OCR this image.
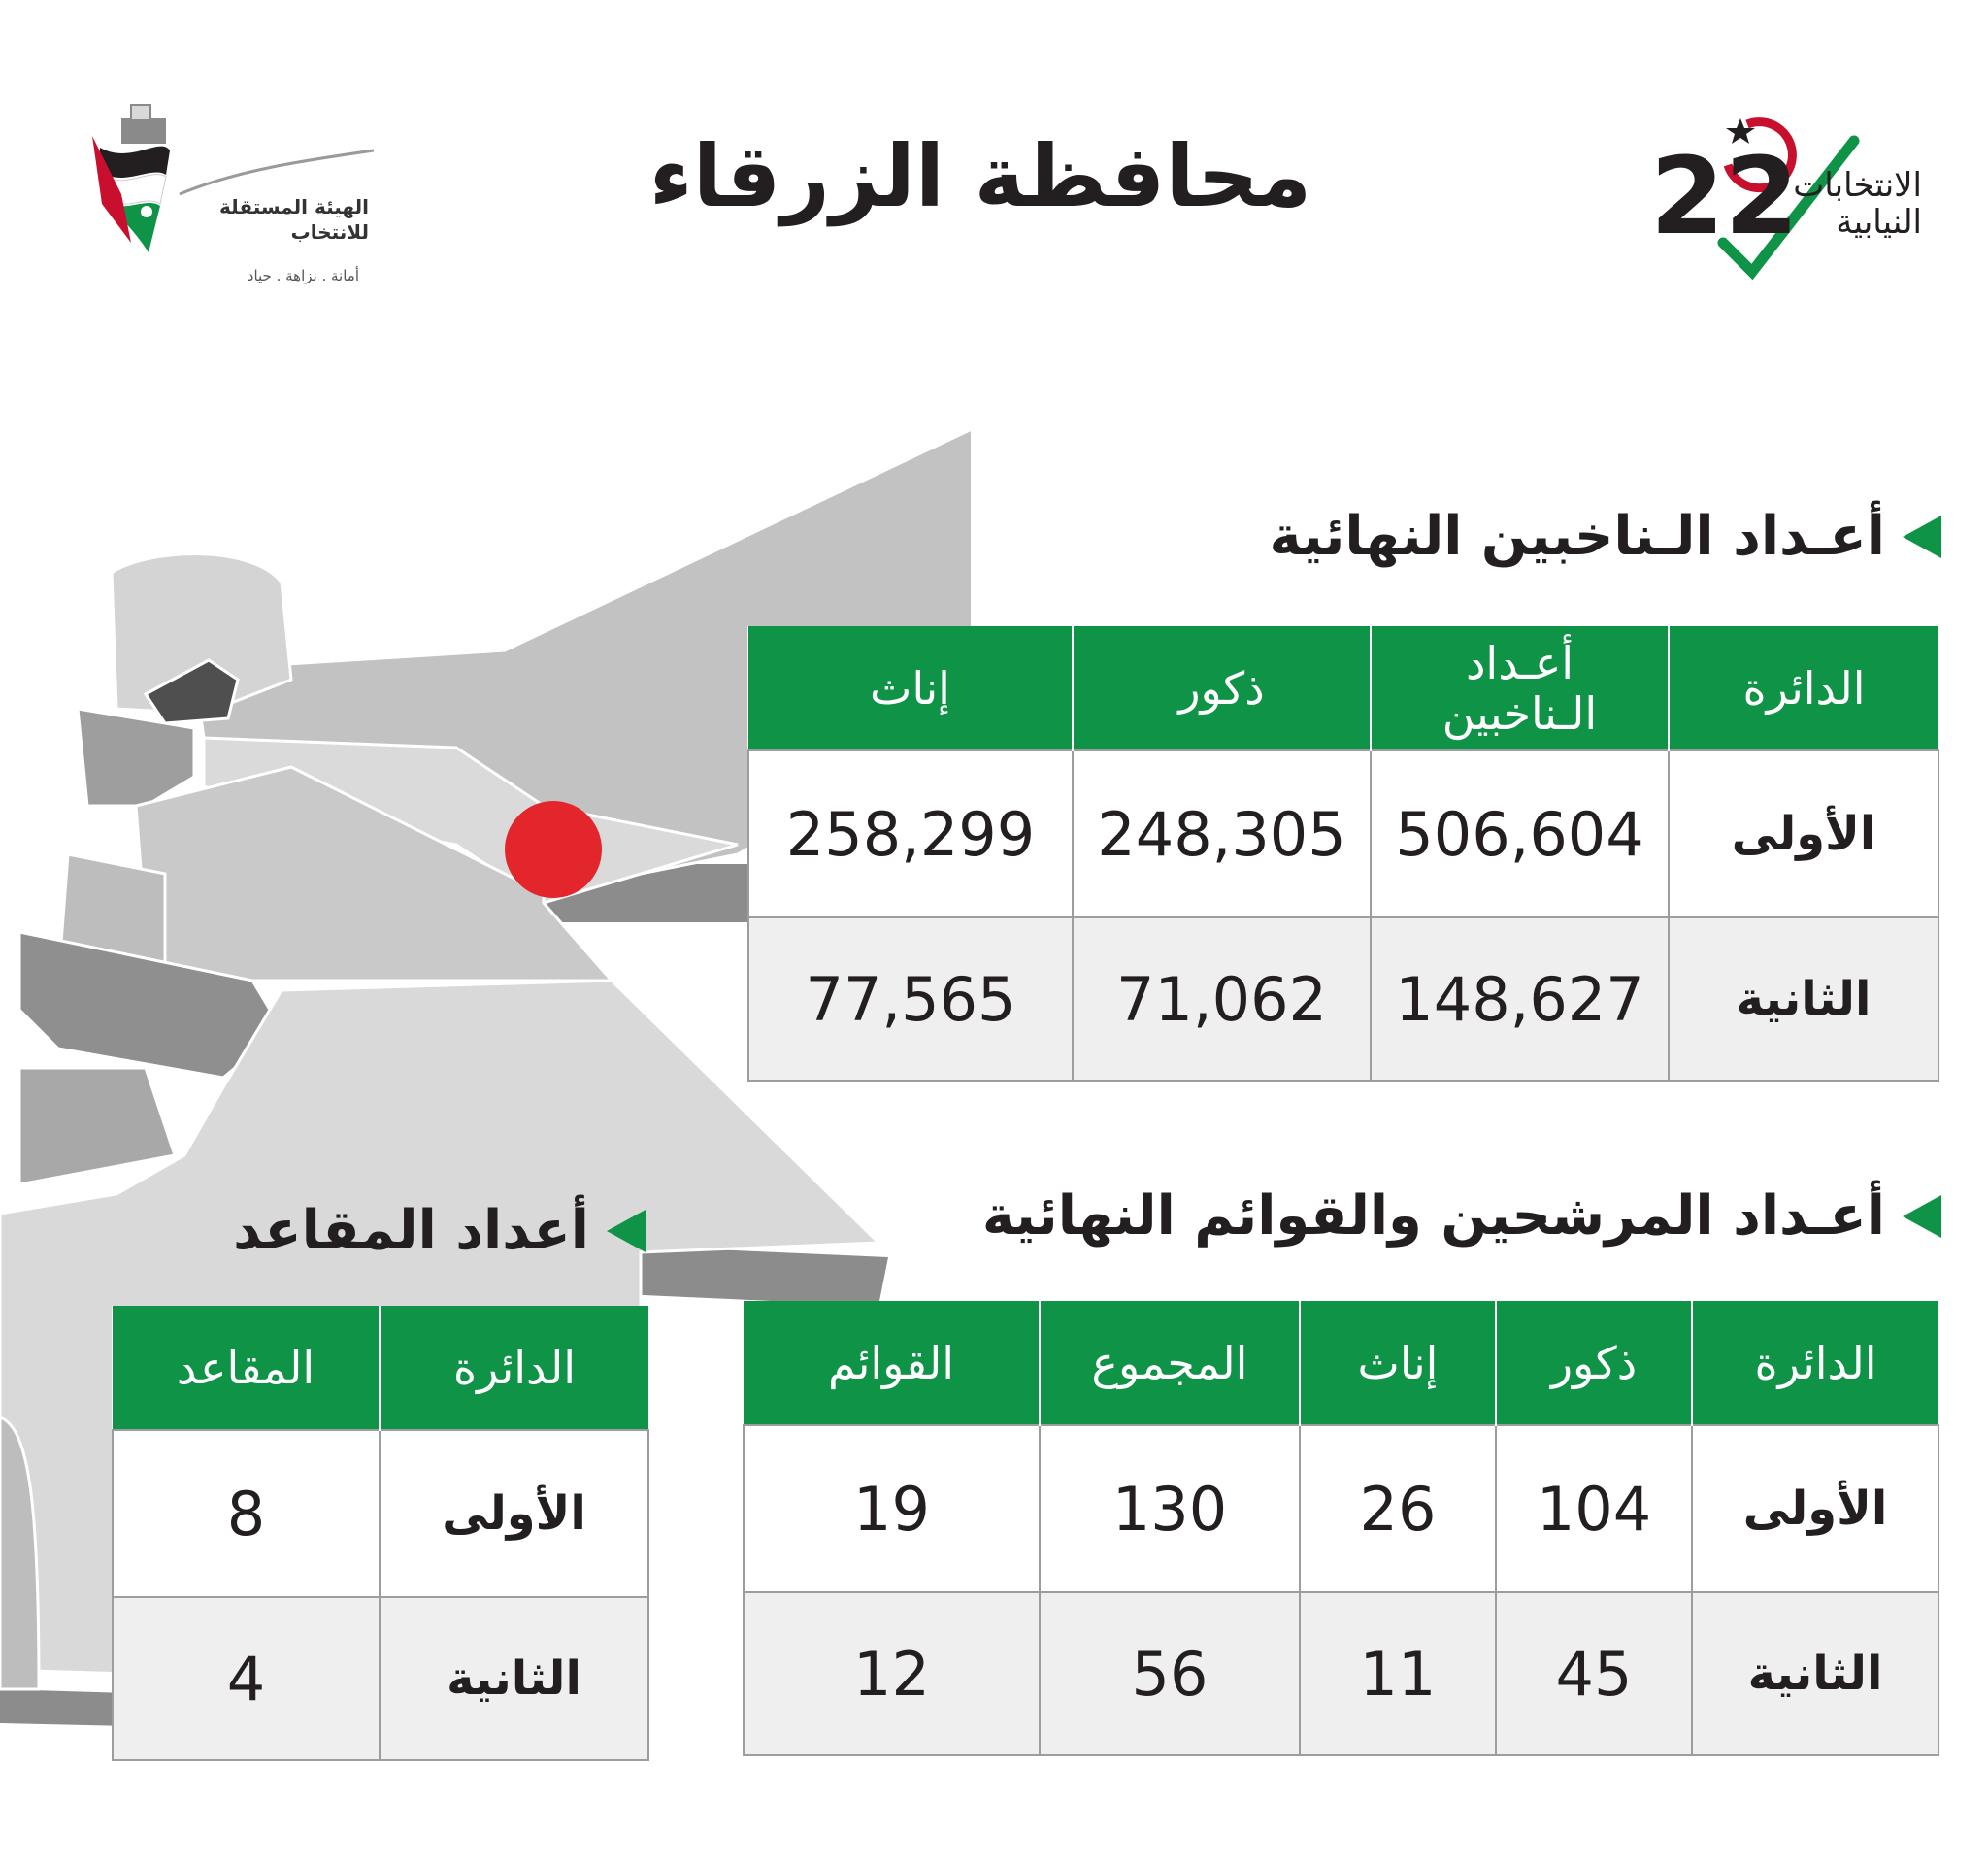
محافظة الزرقاء
الهيئة المستقلة
للانتخاب
أمانة . نزاهة . حياد
22
الانتخابات
النيابية
أعـداد الـناخبين النهائية
الدائرة	أعـداد الـناخبين	ذكور	إناث
الأولى	506,604	248,305	258,299
الثانية	148,627	71,062	77,565
أعـداد المرشحين والقوائم النهائية
الدائرة	ذكور	إناث	المجموع	القوائم
الأولى	104	26	130	19
الثانية	45	11	56	12
أعداد المقاعد
الدائرة	المقاعد
الأولى	8
الثانية	4
